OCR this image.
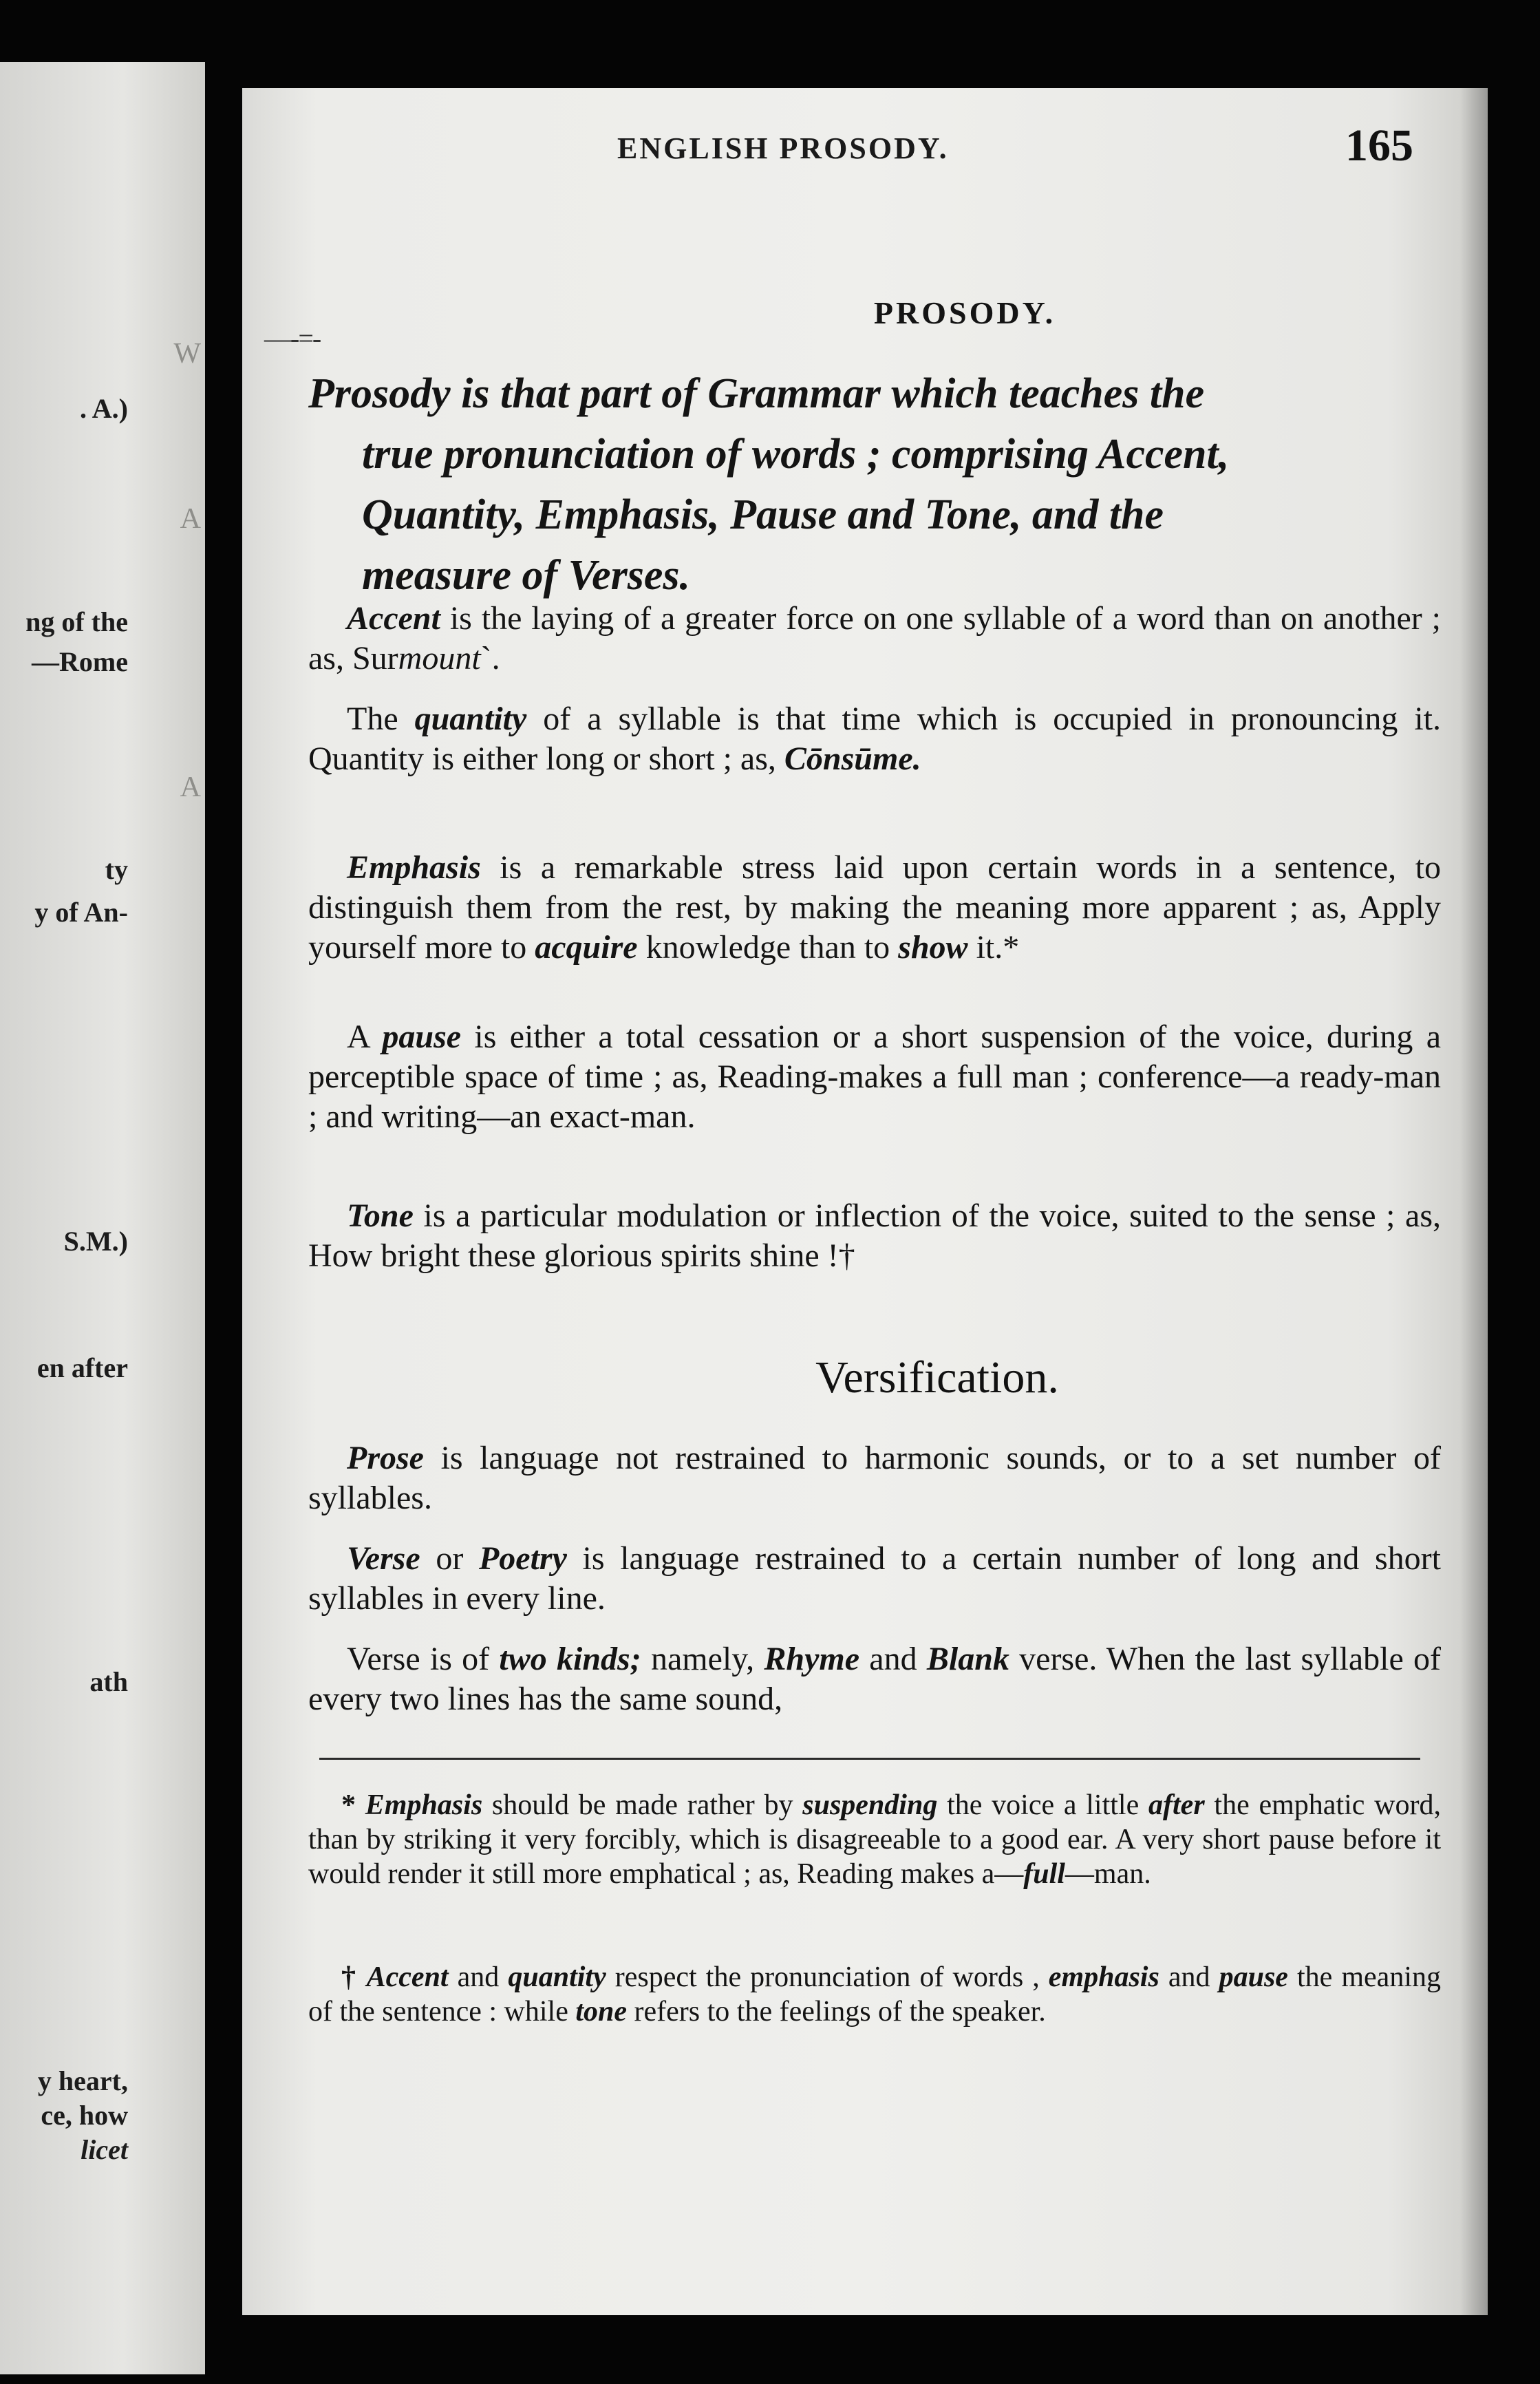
W
A
A
. A.)
ng of the
—Rome
ty
y of An-
S.M.)
en after
ath
y heart,
ce, how
licet
ENGLISH PROSODY.	165
—-=-
PROSODY.

Prosody is that part of Grammar which teaches the
true pronunciation of words ; comprising Accent,
Quantity, Emphasis, Pause and Tone, and the
measure of Verses.

Accent is the laying of a greater force on one syllable of a word than on another ; as, Surmount`.

The quantity of a syllable is that time which is occupied in pronouncing it. Quantity is either long or short ; as, Cōnsūme.

Emphasis is a remarkable stress laid upon certain words in a sentence, to distinguish them from the rest, by making the meaning more apparent ; as, Apply yourself more to acquire knowledge than to show it.*

A pause is either a total cessation or a short suspension of the voice, during a perceptible space of time ; as, Reading-makes a full man ; conference—a ready-man ; and writing—an exact-man.

Tone is a particular modulation or inflection of the voice, suited to the sense ; as, How bright these glorious spirits shine !†

Versification.

Prose is language not restrained to harmonic sounds, or to a set number of syllables.

Verse or Poetry is language restrained to a certain number of long and short syllables in every line.

Verse is of two kinds; namely, Rhyme and Blank verse. When the last syllable of every two lines has the same sound,

* Emphasis should be made rather by suspending the voice a little after the emphatic word, than by striking it very forcibly, which is disagreeable to a good ear. A very short pause before it would render it still more emphatical ; as, Reading makes a—full—man.

† Accent and quantity respect the pronunciation of words , emphasis and pause the meaning of the sentence : while tone refers to the feelings of the speaker.
